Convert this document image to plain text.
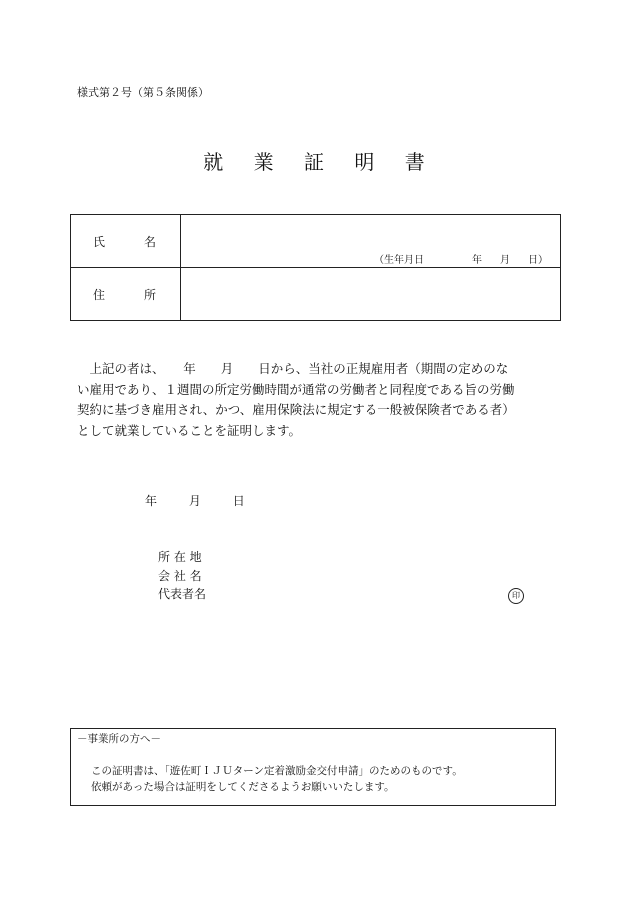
様式第２号（第５条関係）
就 業 証 明 書
氏 名	（生年月日 年 月 日）

住 所	

上記の者は、　　年　　月　　日から、当社の正規雇用者（期間の定めのな

い雇用であり、１週間の所定労働時間が通常の労働者と同程度である旨の労働
契約に基づき雇用され、かつ、雇用保険法に規定する一般被保険者である者）
として就業していることを証明します。
年	月	日
所 在 地
会 社 名
代表者名	印
－事業所の方へ－
この証明書は、「遊佐町ＩＪＵターン定着激励金交付申請」のためのものです。
依頼があった場合は証明をしてくださるようお願いいたします。
